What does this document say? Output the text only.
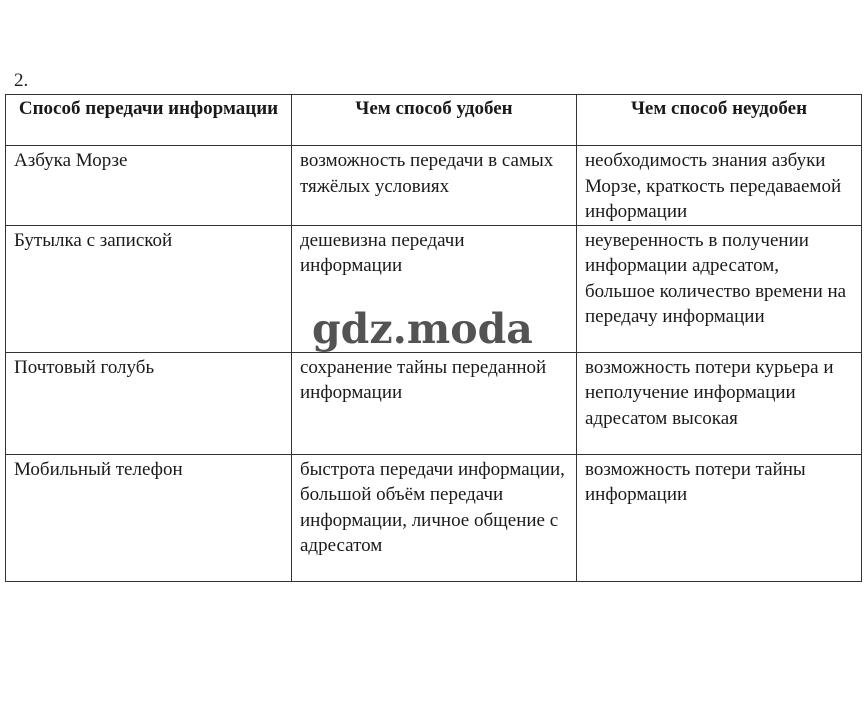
2.
Способ передачи информации	Чем способ удобен	Чем способ неудобен
Азбука Морзе	возможность передачи в самых тяжёлых условиях	необходимость знания азбуки Морзе, краткость передаваемой информации
Бутылка с запиской	дешевизна передачи информации	неуверенность в получении информации адресатом, большое количество времени на передачу информации
Почтовый голубь	сохранение тайны переданной информации	возможность потери курьера и неполучение информации адресатом высокая
Мобильный телефон	быстрота передачи информации, большой объём передачи информации, личное общение с адресатом	возможность потери тайны информации
gdz.moda
